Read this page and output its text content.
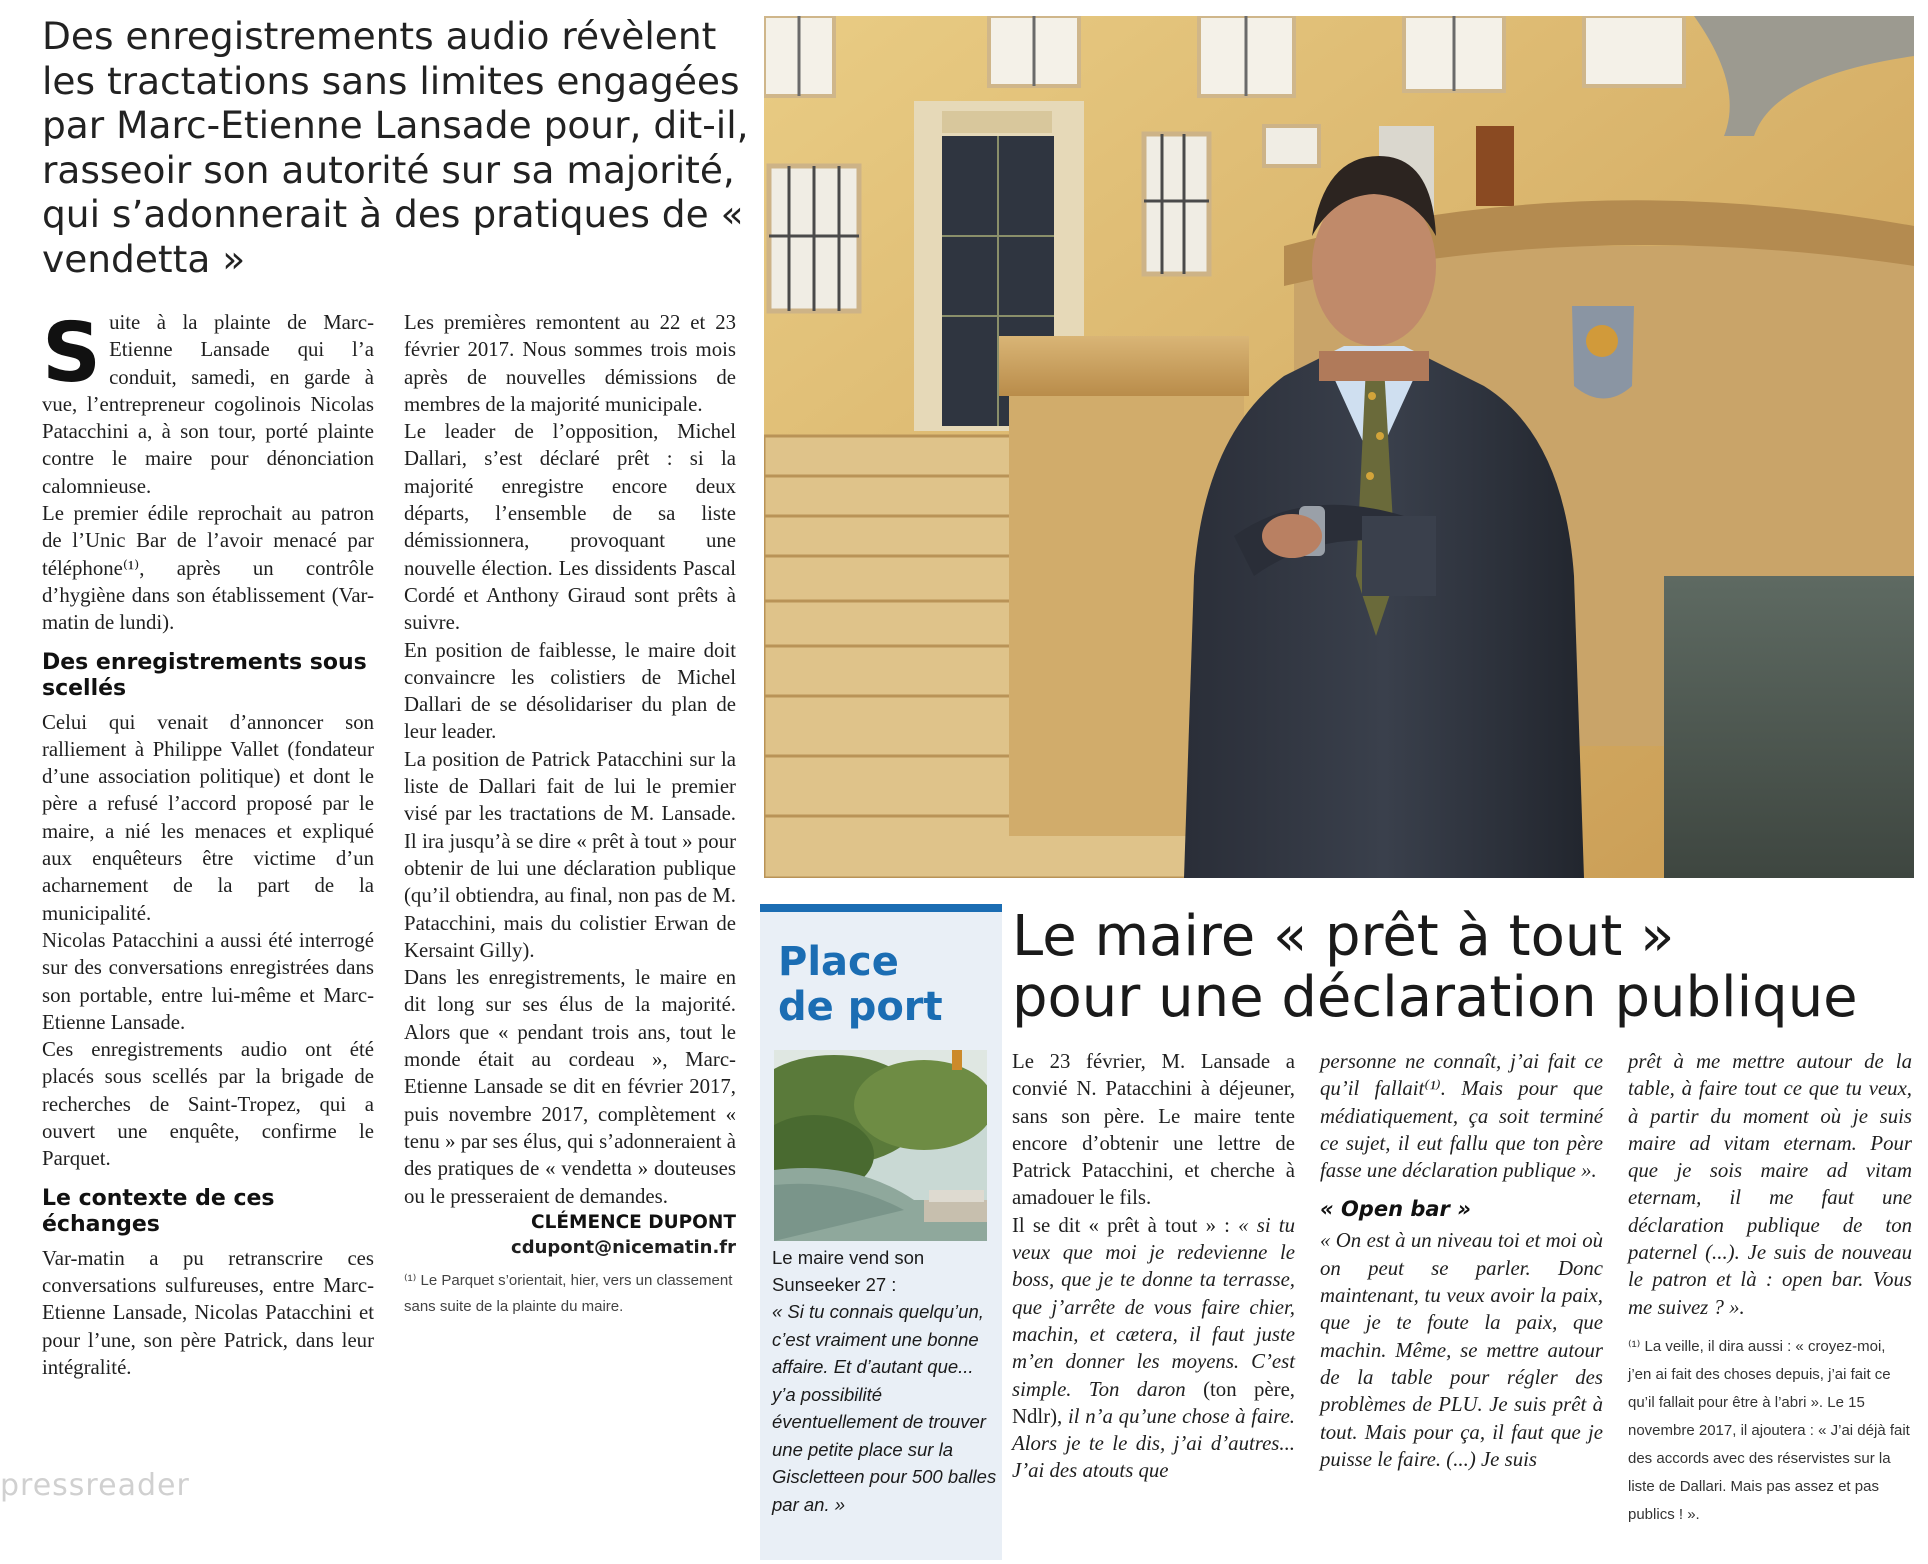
Des enregistrements audio révèlent les tractations sans limites engagées par Marc-Etienne Lansade pour, dit-il, rasseoir son autorité sur sa majorité, qui s’adonnerait à des pratiques de « vendetta »

Suite à la plainte de Marc-Etienne Lansade qui l’a conduit, samedi, en garde à vue, l’entrepreneur cogolinois Nicolas Patacchini a, à son tour, porté plainte contre le maire pour dénonciation calomnieuse.

Le premier édile reprochait au patron de l’Unic Bar de l’avoir menacé par téléphone⁽¹⁾, après un contrôle d’hygiène dans son établissement (Var-matin de lundi).

Des enregistrements sous scellés

Celui qui venait d’annoncer son ralliement à Philippe Vallet (fondateur d’une association politique) et dont le père a refusé l’accord proposé par le maire, a nié les menaces et expliqué aux enquêteurs être victime d’un acharnement de la part de la municipalité.

Nicolas Patacchini a aussi été interrogé sur des conversations enregistrées dans son portable, entre lui-même et Marc-Etienne Lansade.

Ces enregistrements audio ont été placés sous scellés par la brigade de recherches de Saint-Tropez, qui a ouvert une enquête, confirme le Parquet.

Le contexte de ces échanges

Var-matin a pu retranscrire ces conversations sulfureuses, entre Marc-Etienne Lansade, Nicolas Patacchini et pour l’une, son père Patrick, dans leur intégralité.

Les premières remontent au 22 et 23 février 2017. Nous sommes trois mois après de nouvelles démissions de membres de la majorité municipale.

Le leader de l’opposition, Michel Dallari, s’est déclaré prêt : si la majorité enregistre encore deux départs, l’ensemble de sa liste démissionnera, provoquant une nouvelle élection. Les dissidents Pascal Cordé et Anthony Giraud sont prêts à suivre.

En position de faiblesse, le maire doit convaincre les colistiers de Michel Dallari de se désolidariser du plan de leur leader.

La position de Patrick Patacchini sur la liste de Dallari fait de lui le premier visé par les tractations de M. Lansade. Il ira jusqu’à se dire « prêt à tout » pour obtenir de lui une déclaration publique (qu’il obtiendra, au final, non pas de M. Patacchini, mais du colistier Erwan de Kersaint Gilly).

Dans les enregistrements, le maire en dit long sur ses élus de la majorité. Alors que « pendant trois ans, tout le monde était au cordeau », Marc-Etienne Lansade se dit en février 2017, puis novembre 2017, complètement « tenu » par ses élus, qui s’adonneraient à des pratiques de « vendetta » douteuses ou le presseraient de demandes.

CLÉMENCE DUPONT
cdupont@nicematin.fr
⁽¹⁾ Le Parquet s’orientait, hier, vers un classement sans suite de la plainte du maire.
Place
de port
Le maire vend son Sunseeker 27 :
« Si tu connais quelqu’un, c’est vraiment une bonne affaire. Et d’autant que... y’a possibilité éventuellement de trouver une petite place sur la Giscletteen pour 500 balles par an. »
Le maire « prêt à tout »
pour une déclaration publique
Le 23 février, M. Lansade a convié N. Patacchini à déjeuner, sans son père. Le maire tente encore d’obtenir une lettre de Patrick Patacchini, et cherche à amadouer le fils.
Il se dit « prêt à tout » : « si tu veux que moi je redevienne le boss, que je te donne ta terrasse, que j’arrête de vous faire chier, machin, et cætera, il faut juste m’en donner les moyens. C’est simple. Ton daron (ton père, Ndlr), il n’a qu’une chose à faire. Alors je te le dis, j’ai d’autres... J’ai des atouts que
personne ne connaît, j’ai fait ce qu’il fallait⁽¹⁾. Mais pour que médiatiquement, ça soit terminé ce sujet, il eut fallu que ton père fasse une déclaration publique ».
« Open bar »
« On est à un niveau toi et moi où on peut se parler. Donc maintenant, tu veux avoir la paix, que je te foute la paix, que machin. Même, se mettre autour de la table pour régler des problèmes de PLU. Je suis prêt à tout. Mais pour ça, il faut que je puisse le faire. (...) Je suis
prêt à me mettre autour de la table, à faire tout ce que tu veux, à partir du moment où je suis maire ad vitam eternam. Pour que je sois maire ad vitam eternam, il me faut une déclaration publique de ton paternel (...). Je suis de nouveau le patron et là : open bar. Vous me suivez ? ».
⁽¹⁾ La veille, il dira aussi : « croyez-moi, j’en ai fait des choses depuis, j’ai fait ce qu’il fallait pour être à l’abri ». Le 15 novembre 2017, il ajoutera : « J’ai déjà fait des accords avec des réservistes sur la liste de Dallari. Mais pas assez et pas publics ! ».
pressreader
